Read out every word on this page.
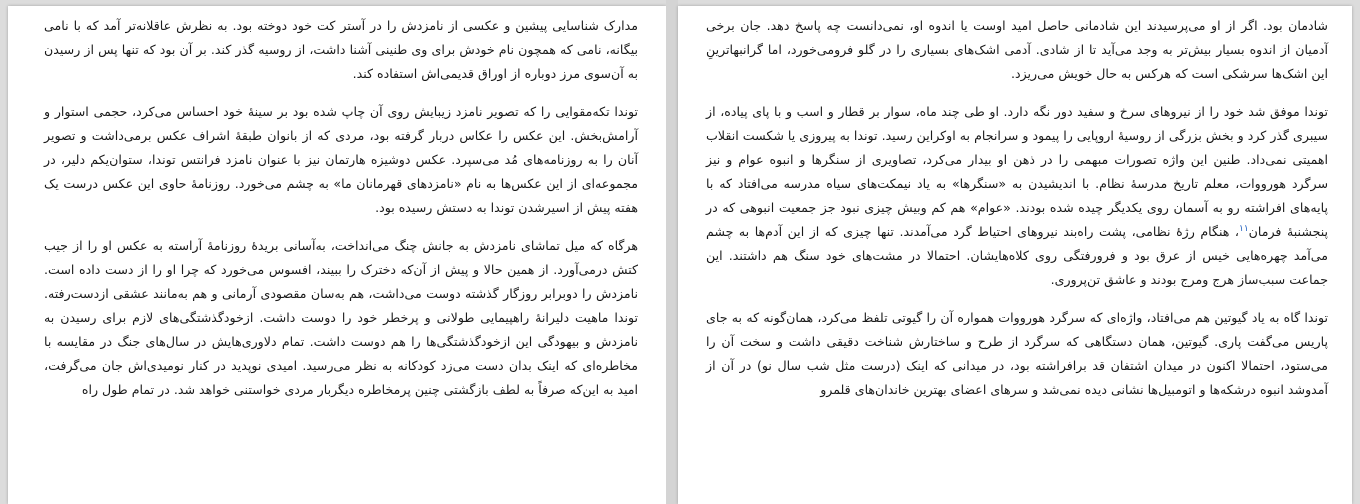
مدارک شناسایی پیشین و عکسی از نامزدش را در آستر کت خود دوخته بود. به نظرش عاقلانه‌تر آمد که با نامی بیگانه، نامی که همچون نام خودش برای وی طنینی آشنا داشت، از روسیه گذر کند. بر آن بود که تنها پس از رسیدن به آن‌سوی مرز دوباره از اوراق قدیمی‌اش استفاده کند.

توندا تکه‌مقوایی را که تصویر نامزد زیبایش روی آن چاپ شده بود بر سینهٔ خود احساس می‌کرد، حجمی استوار و آرامش‌بخش. این عکس را عکاس دربار گرفته بود، مردی که از بانوان طبقهٔ اشراف عکس برمی‌داشت و تصویر آنان را به روزنامه‌های مُد می‌سپرد. عکس دوشیزه هارتمان نیز با عنوان نامزد فرانتس توندا، ستوان‌یکم دلیر، در مجموعه‌ای از این عکس‌ها به نام «نامزدهای قهرمانان ما» به چشم می‌خورد. روزنامهٔ حاوی این عکس درست یک هفته پیش از اسیرشدن توندا به دستش رسیده بود.

هرگاه که میل تماشای نامزدش به جانش چنگ می‌انداخت، به‌آسانی بریدهٔ روزنامهٔ آراسته به عکس او را از جیب کتش درمی‌آورد. از همین حالا و پیش از آن‌که دخترک را ببیند، افسوس می‌خورد که چرا او را از دست داده است. نامزدش را دوبرابر روزگار گذشته دوست می‌داشت، هم به‌سان مقصودی آرمانی و هم به‌مانند عشقی ازدست‌رفته. توندا ماهیت دلیرانهٔ راهپیمایی طولانی و پرخطر خود را دوست داشت. ازخودگذشتگی‌های لازم برای رسیدن به نامزدش و بیهودگی این ازخودگذشتگی‌ها را هم دوست داشت. تمام دلاوری‌هایش در سال‌های جنگ در مقایسه با مخاطره‌ای که اینک بدان دست می‌زد کودکانه به نظر می‌رسید. امیدی نوپدید در کنار نومیدی‌اش جان می‌گرفت، امید به این‌که صرفاً به لطف بازگشتی چنین پرمخاطره دیگربار مردی خواستنی خواهد شد. در تمام طول راه

شادمان بود. اگر از او می‌پرسیدند این شادمانی حاصل امید اوست یا اندوه او، نمی‌دانست چه پاسخ دهد. جان برخی آدمیان از اندوه بسیار بیش‌تر به وجد می‌آید تا از شادی. آدمی اشک‌های بسیاری را در گلو فرومی‌خورد، اما گرانبهاترینِ این اشک‌ها سرشکی است که هرکس به حال خویش می‌ریزد.

توندا موفق شد خود را از نیروهای سرخ و سفید دور نگه دارد. او طی چند ماه، سوار بر قطار و اسب و با پای پیاده، از سیبری گذر کرد و بخش بزرگی از روسیهٔ اروپایی را پیمود و سرانجام به اوکراین رسید. توندا به پیروزی یا شکست انقلاب اهمیتی نمی‌داد. طنین این واژه تصورات مبهمی را در ذهن او بیدار می‌کرد، تصاویری از سنگرها و انبوه عوام و نیز سرگرد هورووات، معلم تاریخ مدرسهٔ نظام. با اندیشیدن به «سنگرها» به یاد نیمکت‌های سیاه مدرسه می‌افتاد که با پایه‌های افراشته رو به آسمان روی یکدیگر چیده شده بودند. «عوام» هم کم وبیش چیزی نبود جز جمعیت انبوهی که در پنجشنبهٔ فرمان$^{۱۱}$، هنگام رژهٔ نظامی، پشت راه‌بند نیروهای احتیاط گرد می‌آمدند. تنها چیزی که از این آدم‌ها به چشم می‌آمد چهره‌هایی خیس از عرق بود و فرورفتگی روی کلاه‌هایشان. احتمالا در مشت‌های خود سنگ هم داشتند. این جماعت سبب‌ساز هرج ومرج بودند و عاشق تن‌پروری.

توندا گاه به یاد گیوتین هم می‌افتاد، واژه‌ای که سرگرد هورووات همواره آن را گیوتی تلفظ می‌کرد، همان‌گونه که به جای پاریس می‌گفت پاری. گیوتین، همان دستگاهی که سرگرد از طرح و ساختارش شناخت دقیقی داشت و سخت آن را می‌ستود، احتمالا اکنون در میدان اشتفان قد برافراشته بود، در میدانی که اینک (درست مثل شب سال نو) در آن از آمدوشد انبوه درشکه‌ها و اتومبیل‌ها نشانی دیده نمی‌شد و سرهای اعضای بهترین خاندان‌های قلمرو
